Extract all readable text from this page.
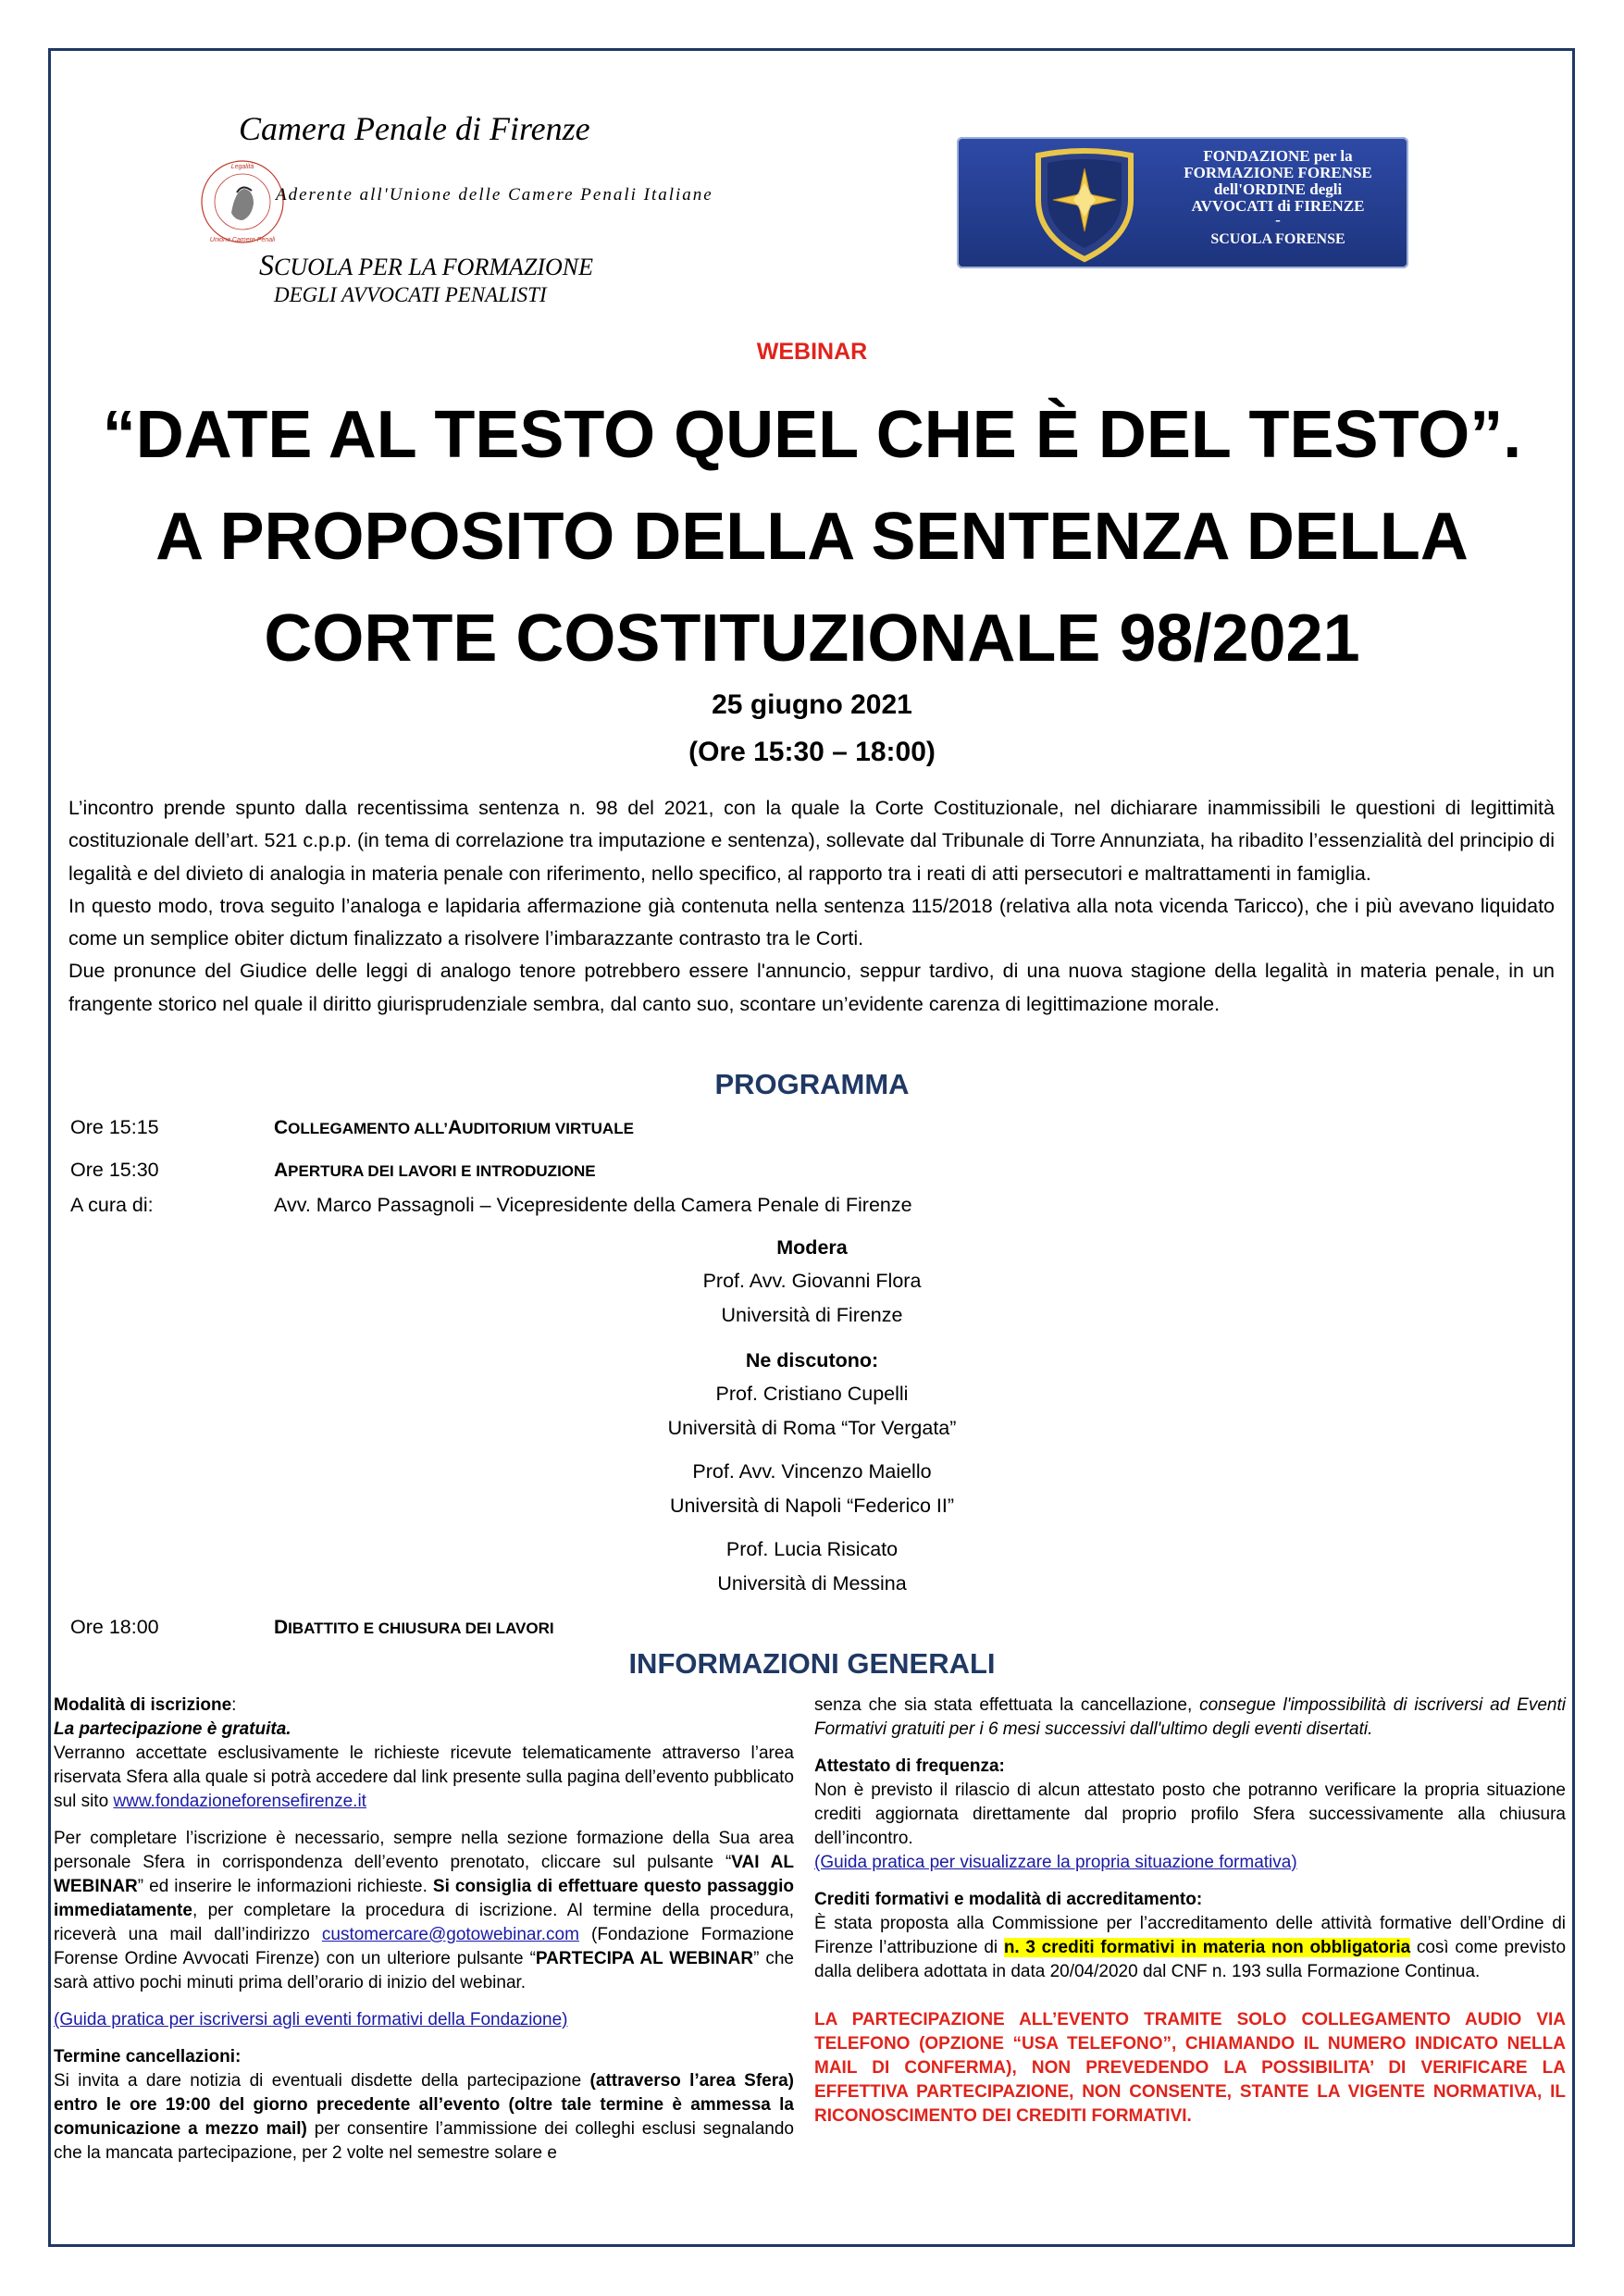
Camera Penale di Firenze
Legalità
Unione Camere Penali
Aderente all'Unione delle Camere Penali Italiane
SCUOLA PER LA FORMAZIONE
DEGLI AVVOCATI PENALISTI
FONDAZIONE per la
FORMAZIONE FORENSE
dell'ORDINE degli
AVVOCATI di FIRENZE
-
SCUOLA FORENSE
WEBINAR
“DATE AL TESTO QUEL CHE È DEL TESTO”.
A PROPOSITO DELLA SENTENZA DELLA
CORTE COSTITUZIONALE 98/2021
25 giugno 2021
(Ore 15:30 – 18:00)

L’incontro prende spunto dalla recentissima sentenza n. 98 del 2021, con la quale la Corte Costituzionale, nel dichiarare inammissibili le questioni di legittimità costituzionale dell’art. 521 c.p.p. (in tema di correlazione tra imputazione e sentenza), sollevate dal Tribunale di Torre Annunziata, ha ribadito l’essenzialità del principio di legalità e del divieto di analogia in materia penale con riferimento, nello specifico, al rapporto tra i reati di atti persecutori e maltrattamenti in famiglia.

In questo modo, trova seguito l’analoga e lapidaria affermazione già contenuta nella sentenza 115/2018 (relativa alla nota vicenda Taricco), che i più avevano liquidato come un semplice obiter dictum finalizzato a risolvere l’imbarazzante contrasto tra le Corti.

Due pronunce del Giudice delle leggi di analogo tenore potrebbero essere l'annuncio, seppur tardivo, di una nuova stagione della legalità in materia penale, in un frangente storico nel quale il diritto giurisprudenziale sembra, dal canto suo, scontare un’evidente carenza di legittimazione morale.

PROGRAMMA
Ore 15:15	COLLEGAMENTO ALL’AUDITORIUM VIRTUALE
Ore 15:30	APERTURA DEI LAVORI E INTRODUZIONE
A cura di:	Avv. Marco Passagnoli – Vicepresidente della Camera Penale di Firenze
Modera
Prof. Avv. Giovanni Flora
Università di Firenze
Ne discutono:
Prof. Cristiano Cupelli
Università di Roma “Tor Vergata”
Prof. Avv. Vincenzo Maiello
Università di Napoli “Federico II”
Prof. Lucia Risicato
Università di Messina
Ore 18:00	DIBATTITO E CHIUSURA DEI LAVORI
INFORMAZIONI GENERALI

Modalità di iscrizione:

La partecipazione è gratuita.

Verranno accettate esclusivamente le richieste ricevute telematicamente attraverso l’area riservata Sfera alla quale si potrà accedere dal link presente sulla pagina dell’evento pubblicato sul sito www.fondazioneforensefirenze.it

Per completare l’iscrizione è necessario, sempre nella sezione formazione della Sua area personale Sfera in corrispondenza dell’evento prenotato, cliccare sul pulsante “VAI AL WEBINAR” ed inserire le informazioni richieste. Si consiglia di effettuare questo passaggio immediatamente, per completare la procedura di iscrizione. Al termine della procedura, riceverà una mail dall’indirizzo customercare@gotowebinar.com (Fondazione Formazione Forense Ordine Avvocati Firenze) con un ulteriore pulsante “PARTECIPA AL WEBINAR” che sarà attivo pochi minuti prima dell’orario di inizio del webinar.

(Guida pratica per iscriversi agli eventi formativi della Fondazione)

Termine cancellazioni:

Si invita a dare notizia di eventuali disdette della partecipazione (attraverso l’area Sfera) entro le ore 19:00 del giorno precedente all’evento (oltre tale termine è ammessa la comunicazione a mezzo mail) per consentire l’ammissione dei colleghi esclusi segnalando che la mancata partecipazione, per 2 volte nel semestre solare e

senza che sia stata effettuata la cancellazione, consegue l'impossibilità di iscriversi ad Eventi Formativi gratuiti per i 6 mesi successivi dall'ultimo degli eventi disertati.

Attestato di frequenza:

Non è previsto il rilascio di alcun attestato posto che potranno verificare la propria situazione crediti aggiornata direttamente dal proprio profilo Sfera successivamente alla chiusura dell’incontro.

(Guida pratica per visualizzare la propria situazione formativa)

Crediti formativi e modalità di accreditamento:

È stata proposta alla Commissione per l’accreditamento delle attività formative dell’Ordine di Firenze l’attribuzione di n. 3 crediti formativi in materia non obbligatoria così come previsto dalla delibera adottata in data 20/04/2020 dal CNF n. 193 sulla Formazione Continua.

LA PARTECIPAZIONE ALL’EVENTO TRAMITE SOLO COLLEGAMENTO AUDIO VIA TELEFONO (OPZIONE “USA TELEFONO”, CHIAMANDO IL NUMERO INDICATO NELLA MAIL DI CONFERMA), NON PREVEDENDO LA POSSIBILITA’ DI VERIFICARE LA EFFETTIVA PARTECIPAZIONE, NON CONSENTE, STANTE LA VIGENTE NORMATIVA, IL RICONOSCIMENTO DEI CREDITI FORMATIVI.
